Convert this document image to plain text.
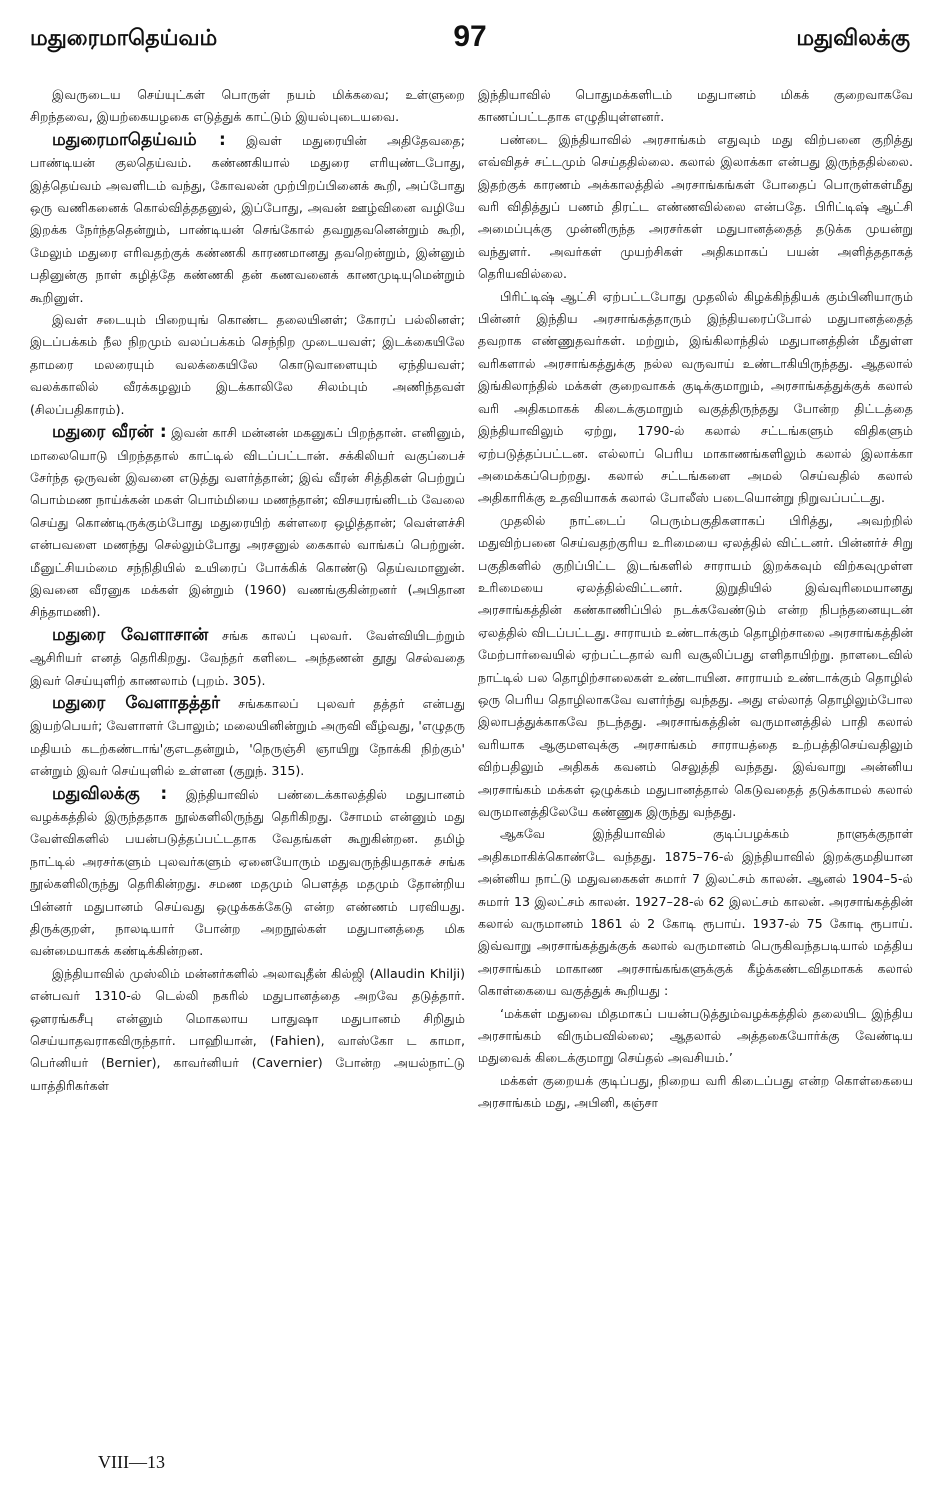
மதுரைமாதெய்வம்	97	மதுவிலக்கு

இவருடைய செய்யுட்கள் பொருள் நயம் மிக்கவை; உள்ளுறை சிறந்தவை, இயற்கையழகை எடுத்துக் காட்டும் இயல்புடையவை.

மதுரைமாதெய்வம் : இவள் மதுரையின் அதிதேவதை; பாண்டியன் குலதெய்வம். கண்ணகியால் மதுரை எரியுண்டபோது, இத்தெய்வம் அவளிடம் வந்து, கோவலன் முற்பிறப்பினைக் கூறி, அப்போது ஒரு வணிகனைக் கொல்வித்ததனுல், இப்போது, அவன் ஊழ்வினை வழியே இறக்க நேர்ந்ததென்றும், பாண்டியன் செங்கோல் தவறுதவனென்றும் கூறி, மேலும் மதுரை எரிவதற்குக் கண்ணகி காரணமானது தவறென்றும், இன்னும் பதினுன்கு நாள் கழித்தே கண்ணகி தன் கணவனைக் காணமுடியுமென்றும் கூறினுள்.

இவள் சடையும் பிறையுங் கொண்ட தலையினள்; கோரப் பல்லினள்; இடப்பக்கம் நீல நிறமும் வலப்பக்கம் செந்நிற முடையவள்; இடக்கையிலே தாமரை மலரையும் வலக்கையிலே கொடுவாளையும் ஏந்தியவள்; வலக்காலில் வீரக்கழலும் இடக்காலிலே சிலம்பும் அணிந்தவள் (சிலப்பதிகாரம்).

மதுரை வீரன் : இவன் காசி மன்னன் மகனுகப் பிறந்தான். எனினும், மாலையொடு பிறந்ததால் காட்டில் விடப்பட்டான். சக்கிலியர் வகுப்பைச் சேர்ந்த ஒருவன் இவனை எடுத்து வளர்த்தான்; இவ் வீரன் சித்திகள் பெற்றுப் பொம்மண நாய்க்கன் மகள் பொம்மியை மணந்தான்; விசயரங்னிடம் வேலை செய்து கொண்டிருக்கும்போது மதுரையிற் கள்ளரை ஒழித்தான்; வெள்ளச்சி என்பவளை மணந்து செல்லும்போது அரசனுல் கைகால் வாங்கப் பெற்றுன். மீனுட்சியம்மை சந்நிதியில் உயிரைப் போக்கிக் கொண்டு தெய்வமானுன். இவனை வீரனுக மக்கள் இன்றும் (1960) வணங்குகின்றனர் (அபிதான சிந்தாமணி).

மதுரை வேளாசான் சங்க காலப் புலவர். வேள்வியிடற்றும் ஆசிரியர் எனத் தெரிகிறது. வேந்தர் களிடை அந்தணன் தூது செல்வதை இவர் செய்யுளிற் காணலாம் (புறம். 305).

மதுரை வேளாதத்தர் சங்ககாலப் புலவர் தத்தர் என்பது இயற்பெயர்; வேளாளர் போலும்; மலையினின்றும் அருவி வீழ்வது, 'எழுதரு மதியம் கடற்கண்டாங்'குஎடதன்றும், 'நெருஞ்சி ஞாயிறு நோக்கி நிற்கும்' என்றும் இவர் செய்யுளில் உள்ளன (குறுந். 315).

மதுவிலக்கு : இந்தியாவில் பண்டைக்காலத்தில் மதுபானம் வழக்கத்தில் இருந்ததாக நூல்களிலிருந்து தெரிகிறது. சோமம் என்னும் மது வேள்விகளில் பயன்படுத்தப்பட்டதாக வேதங்கள் கூறுகின்றன. தமிழ் நாட்டில் அரசர்களும் புலவர்களும் ஏனையோரும் மதுவருந்தியதாகச் சங்க நூல்களிலிருந்து தெரிகின்றது. சமண மதமும் பௌத்த மதமும் தோன்றிய பின்னர் மதுபானம் செய்வது ஒழுக்கக்கேடு என்ற எண்ணம் பரவியது. திருக்குறள், நாலடியார் போன்ற அறநூல்கள் மதுபானத்தை மிக வன்மையாகக் கண்டிக்கின்றன.

இந்தியாவில் முஸ்லிம் மன்னர்களில் அலாவுதீன் கில்ஜி (Allaudin Khilji) என்பவர் 1310-ல் டெல்லி நகரில் மதுபானத்தை அறவே தடுத்தார். ஔரங்கசீபு என்னும் மொகலாய பாதுஷா மதுபானம் சிறிதும் செய்யாதவராகவிருந்தார். பாஹியான், (Fahien), வாஸ்கோ ட காமா, பெர்னியர் (Bernier), காவர்னியர் (Cavernier) போன்ற அயல்நாட்டு யாத்திரிகர்கள்

இந்தியாவில் பொதுமக்களிடம் மதுபானம் மிகக் குறைவாகவே காணப்பட்டதாக எழுதியுள்ளனர்.

பண்டை இந்தியாவில் அரசாங்கம் எதுவும் மது விற்பனை குறித்து எவ்விதச் சட்டமும் செய்ததில்லை. கலால் இலாக்கா என்பது இருந்ததில்லை. இதற்குக் காரணம் அக்காலத்தில் அரசாங்கங்கள் போதைப் பொருள்கள்மீது வரி விதித்துப் பணம் திரட்ட எண்ணவில்லை என்பதே. பிரிட்டிஷ் ஆட்சி அமைப்புக்கு முன்னிருந்த அரசர்கள் மதுபானத்தைத் தடுக்க முயன்று வந்துளர். அவர்கள் முயற்சிகள் அதிகமாகப் பயன் அளித்ததாகத் தெரியவில்லை.

பிரிட்டிஷ் ஆட்சி ஏற்பட்டபோது முதலில் கிழக்கிந்தியக் கும்பினியாரும் பின்னர் இந்திய அரசாங்கத்தாரும் இந்தியரைப்போல் மதுபானத்தைத் தவறாக எண்ணுதவர்கள். மற்றும், இங்கிலாந்தில் மதுபானத்தின் மீதுள்ள வரிகளால் அரசாங்கத்துக்கு நல்ல வருவாய் உண்டாகியிருந்தது. ஆதலால் இங்கிலாந்தில் மக்கள் குறைவாகக் குடிக்குமாறும், அரசாங்கத்துக்குக் கலால் வரி அதிகமாகக் கிடைக்குமாறும் வகுத்திருந்தது போன்ற திட்டத்தை இந்தியாவிலும் ஏற்று, 1790-ல் கலால் சட்டங்களும் விதிகளும் ஏற்படுத்தப்பட்டன. எல்லாப் பெரிய மாகாணங்களிலும் கலால் இலாக்கா அமைக்கப்பெற்றது. கலால் சட்டங்களை அமல் செய்வதில் கலால் அதிகாரிக்கு உதவியாகக் கலால் போலீஸ் படையொன்று நிறுவப்பட்டது.

முதலில் நாட்டைப் பெரும்பகுதிகளாகப் பிரித்து, அவற்றில் மதுவிற்பனை செய்வதற்குரிய உரிமையை ஏலத்தில் விட்டனர். பின்னர்ச் சிறு பகுதிகளில் குறிப்பிட்ட இடங்களில் சாராயம் இறக்கவும் விற்கவுமுள்ள உரிமையை ஏலத்தில்விட்டனர். இறுதியில் இவ்வுரிமையானது அரசாங்கத்தின் கண்காணிப்பில் நடக்கவேண்டும் என்ற நிபந்தனையுடன் ஏலத்தில் விடப்பட்டது. சாராயம் உண்டாக்கும் தொழிற்சாலை அரசாங்கத்தின் மேற்பார்வையில் ஏற்பட்டதால் வரி வசூலிப்பது எளிதாயிற்று. நாளடைவில் நாட்டில் பல தொழிற்சாலைகள் உண்டாயின. சாராயம் உண்டாக்கும் தொழில் ஒரு பெரிய தொழிலாகவே வளர்ந்து வந்தது. அது எல்லாத் தொழிலும்போல இலாபத்துக்காகவே நடந்தது. அரசாங்கத்தின் வருமானத்தில் பாதி கலால் வரியாக ஆகுமளவுக்கு அரசாங்கம் சாராயத்தை உற்பத்திசெய்வதிலும் விற்பதிலும் அதிகக் கவனம் செலுத்தி வந்தது. இவ்வாறு அன்னிய அரசாங்கம் மக்கள் ஒழுக்கம் மதுபானத்தால் கெடுவதைத் தடுக்காமல் கலால் வருமானத்திலேயே கண்ணுக இருந்து வந்தது.

ஆகவே இந்தியாவில் குடிப்பழக்கம் நாளுக்குநாள் அதிகமாகிக்கொண்டே வந்தது. 1875–76-ல் இந்தியாவில் இறக்குமதியான அன்னிய நாட்டு மதுவகைகள் சுமார் 7 இலட்சம் காலன். ஆனல் 1904–5-ல் சுமார் 13 இலட்சம் காலன். 1927–28-ல் 62 இலட்சம் காலன். அரசாங்கத்தின் கலால் வருமானம் 1861 ல் 2 கோடி ரூபாய். 1937-ல் 75 கோடி ரூபாய். இவ்வாறு அரசாங்கத்துக்குக் கலால் வருமானம் பெருகிவந்தபடியால் மத்திய அரசாங்கம் மாகாண அரசாங்கங்களுக்குக் கீழ்க்கண்டவிதமாகக் கலால் கொள்கையை வகுத்துக் கூறியது :

‘மக்கள் மதுவை மிதமாகப் பயன்படுத்தும்வழக்கத்தில் தலையிட இந்திய அரசாங்கம் விரும்பவில்லை; ஆதலால் அத்தகையோர்க்கு வேண்டிய மதுவைக் கிடைக்குமாறு செய்தல் அவசியம்.’

மக்கள் குறையக் குடிப்பது, நிறைய வரி கிடைப்பது என்ற கொள்கையை அரசாங்கம் மது, அபினி, கஞ்சா

VIII—13
